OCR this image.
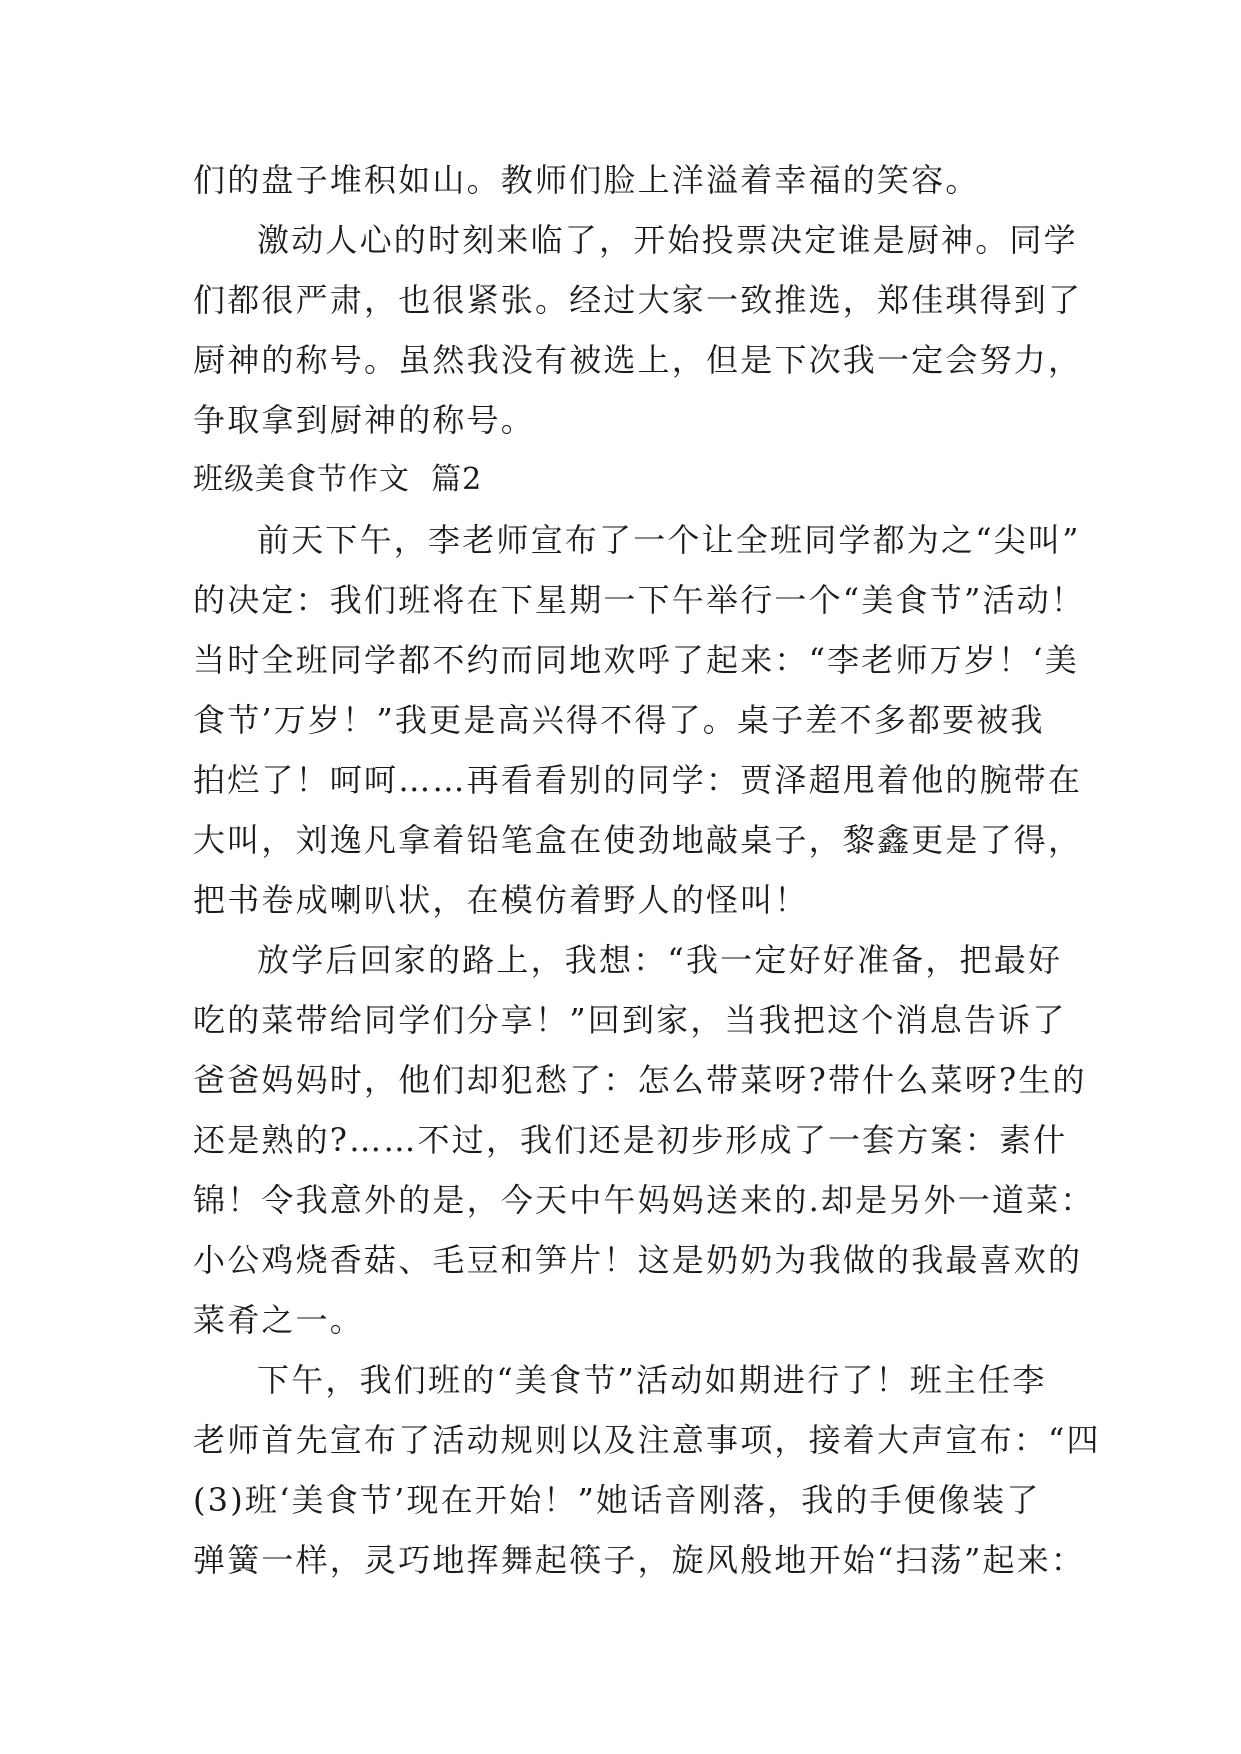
们的盘子堆积如山。教师们脸上洋溢着幸福的笑容。

激动人心的时刻来临了，开始投票决定谁是厨神。同学

们都很严肃，也很紧张。经过大家一致推选，郑佳琪得到了

厨神的称号。虽然我没有被选上，但是下次我一定会努力，

争取拿到厨神的称号。

班级美食节作文  篇2

前天下午，李老师宣布了一个让全班同学都为之“尖叫”

的决定：我们班将在下星期一下午举行一个“美食节”活动！

当时全班同学都不约而同地欢呼了起来：“李老师万岁！‘美

食节’万岁！”我更是高兴得不得了。桌子差不多都要被我

拍烂了！呵呵……再看看别的同学：贾泽超甩着他的腕带在

大叫，刘逸凡拿着铅笔盒在使劲地敲桌子，黎鑫更是了得，

把书卷成喇叭状，在模仿着野人的怪叫！

放学后回家的路上，我想：“我一定好好准备，把最好

吃的菜带给同学们分享！”回到家，当我把这个消息告诉了

爸爸妈妈时，他们却犯愁了：怎么带菜呀?带什么菜呀?生的

还是熟的?……不过，我们还是初步形成了一套方案：素什

锦！令我意外的是，今天中午妈妈送来的.却是另外一道菜：

小公鸡烧香菇、毛豆和笋片！这是奶奶为我做的我最喜欢的

菜肴之一。

下午，我们班的“美食节”活动如期进行了！班主任李

老师首先宣布了活动规则以及注意事项，接着大声宣布：“四

(3)班‘美食节’现在开始！”她话音刚落，我的手便像装了

弹簧一样，灵巧地挥舞起筷子，旋风般地开始“扫荡”起来：
